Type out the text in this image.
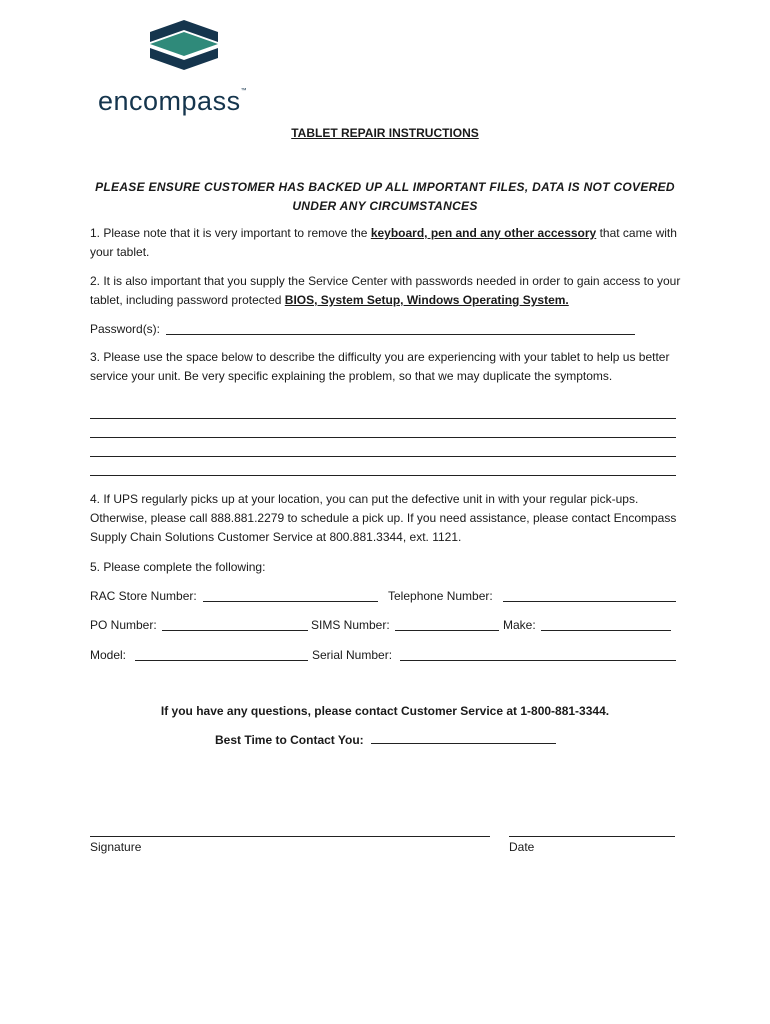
encompass™
TABLET REPAIR INSTRUCTIONS
PLEASE ENSURE CUSTOMER HAS BACKED UP ALL IMPORTANT FILES, DATA IS NOT COVERED UNDER ANY CIRCUMSTANCES
1. Please note that it is very important to remove the keyboard, pen and any other accessory that came with your tablet.
2. It is also important that you supply the Service Center with passwords needed in order to gain access to your tablet, including password protected BIOS, System Setup, Windows Operating System.
Password(s):
3. Please use the space below to describe the difficulty you are experiencing with your tablet to help us better service your unit. Be very specific explaining the problem, so that we may duplicate the symptoms.
4. If UPS regularly picks up at your location, you can put the defective unit in with your regular pick-ups. Otherwise, please call 888.881.2279 to schedule a pick up. If you need assistance, please contact Encompass Supply Chain Solutions Customer Service at 800.881.3344, ext. 1121.
5. Please complete the following:
RAC Store Number:	Telephone Number:
PO Number:	SIMS Number:	Make:
Model:	Serial Number:
If you have any questions, please contact Customer Service at 1-800-881-3344.
Best Time to Contact You:
Signature	Date
